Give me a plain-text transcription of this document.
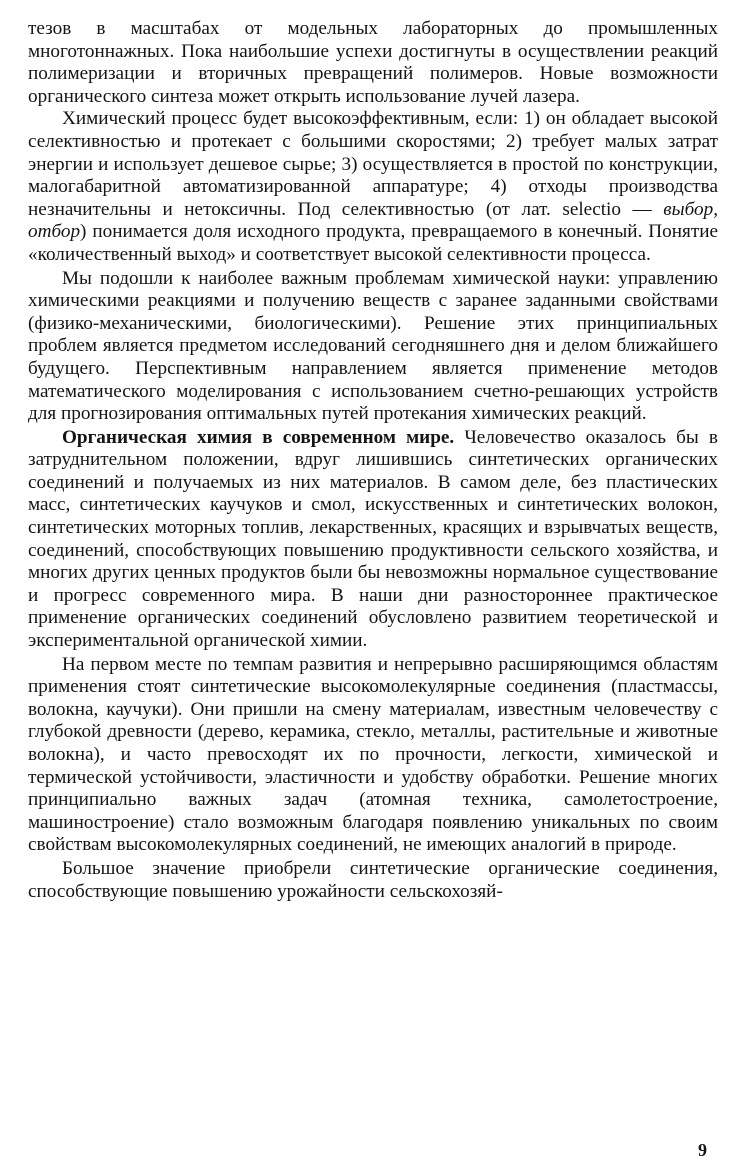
тезов в масштабах от модельных лабораторных до промышленных многотоннажных. Пока наибольшие успехи достигнуты в осуществлении реакций полимеризации и вторичных превращений полимеров. Новые возможности органического синтеза может открыть использование лучей лазера.

Химический процесс будет высокоэффективным, если: 1) он обладает высокой селективностью и протекает с большими скоростями; 2) требует малых затрат энергии и использует дешевое сырье; 3) осуществляется в простой по конструкции, малогабаритной автоматизированной аппаратуре; 4) отходы производства незначительны и нетоксичны. Под селективностью (от лат. selectio — выбор, отбор) понимается доля исходного продукта, превращаемого в конечный. Понятие «количественный выход» и соответствует высокой селективности процесса.

Мы подошли к наиболее важным проблемам химической науки: управлению химическими реакциями и получению веществ с заранее заданными свойствами (физико-механическими, биологическими). Решение этих принципиальных проблем является предметом исследований сегодняшнего дня и делом ближайшего будущего. Перспективным направлением является применение методов математического моделирования с использованием счетно-решающих устройств для прогнозирования оптимальных путей протекания химических реакций.

Органическая химия в современном мире. Человечество оказалось бы в затруднительном положении, вдруг лишившись синтетических органических соединений и получаемых из них материалов. В самом деле, без пластических масс, синтетических каучуков и смол, искусственных и синтетических волокон, синтетических моторных топлив, лекарственных, красящих и взрывчатых веществ, соединений, способствующих повышению продуктивности сельского хозяйства, и многих других ценных продуктов были бы невозможны нормальное существование и прогресс современного мира. В наши дни разностороннее практическое применение органических соединений обусловлено развитием теоретической и экспериментальной органической химии.

На первом месте по темпам развития и непрерывно расширяющимся областям применения стоят синтетические высокомолекулярные соединения (пластмассы, волокна, каучуки). Они пришли на смену материалам, известным человечеству с глубокой древности (дерево, керамика, стекло, металлы, растительные и животные волокна), и часто превосходят их по прочности, легкости, химической и термической устойчивости, эластичности и удобству обработки. Решение многих принципиально важных задач (атомная техника, самолетостроение, машиностроение) стало возможным благодаря появлению уникальных по своим свойствам высокомолекулярных соединений, не имеющих аналогий в природе.

Большое значение приобрели синтетические органические соединения, способствующие повышению урожайности сельскохозяй-

9
